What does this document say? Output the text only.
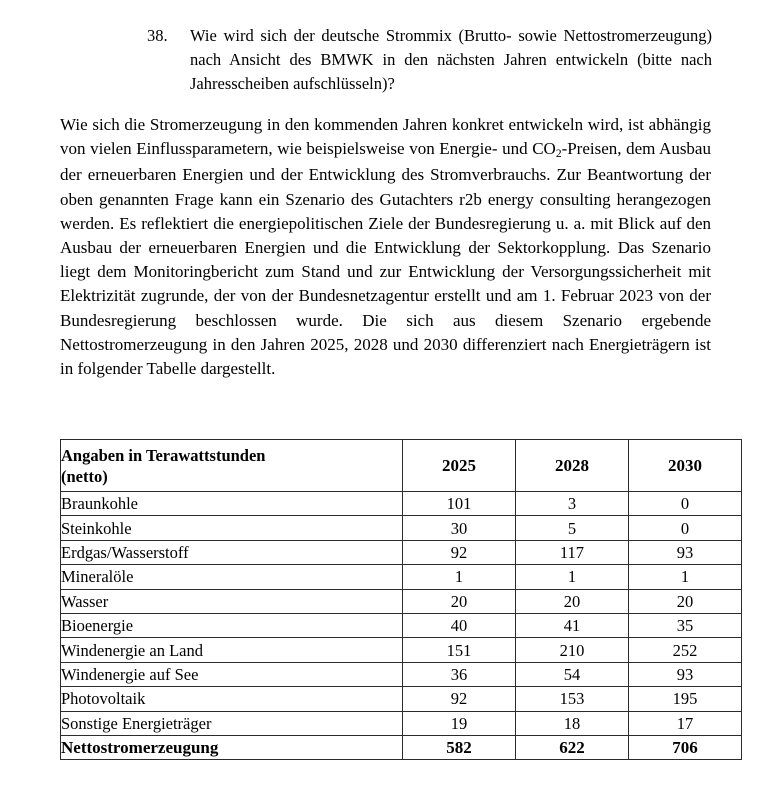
38.	Wie wird sich der deutsche Strommix (Brutto- sowie Nettostromerzeugung) nach Ansicht des BMWK in den nächsten Jahren entwickeln (bitte nach Jahresscheiben aufschlüsseln)?
Wie sich die Stromerzeugung in den kommenden Jahren konkret entwickeln wird, ist abhängig von vielen Einflussparametern, wie beispielsweise von Energie- und $CO_2$-Preisen, dem Ausbau der erneuerbaren Energien und der Entwicklung des Stromverbrauchs. Zur Beantwortung der oben genannten Frage kann ein Szenario des Gutachters r2b energy consulting herangezogen werden. Es reflektiert die energiepolitischen Ziele der Bundesregierung u. a. mit Blick auf den Ausbau der erneuerbaren Energien und die Entwicklung der Sektorkopplung. Das Szenario liegt dem Monitoringbericht zum Stand und zur Entwicklung der Versorgungssicherheit mit Elektrizität zugrunde, der von der Bundesnetzagentur erstellt und am 1. Februar 2023 von der Bundesregierung beschlossen wurde. Die sich aus diesem Szenario ergebende Nettostromerzeugung in den Jahren 2025, 2028 und 2030 differenziert nach Energieträgern ist in folgender Tabelle dargestellt.
Angaben in Terawattstunden
(netto)	2025	2028	2030
Braunkohle	101	3	0
Steinkohle	30	5	0
Erdgas/Wasserstoff	92	117	93
Mineralöle	1	1	1
Wasser	20	20	20
Bioenergie	40	41	35
Windenergie an Land	151	210	252
Windenergie auf See	36	54	93
Photovoltaik	92	153	195
Sonstige Energieträger	19	18	17
Nettostromerzeugung	582	622	706
